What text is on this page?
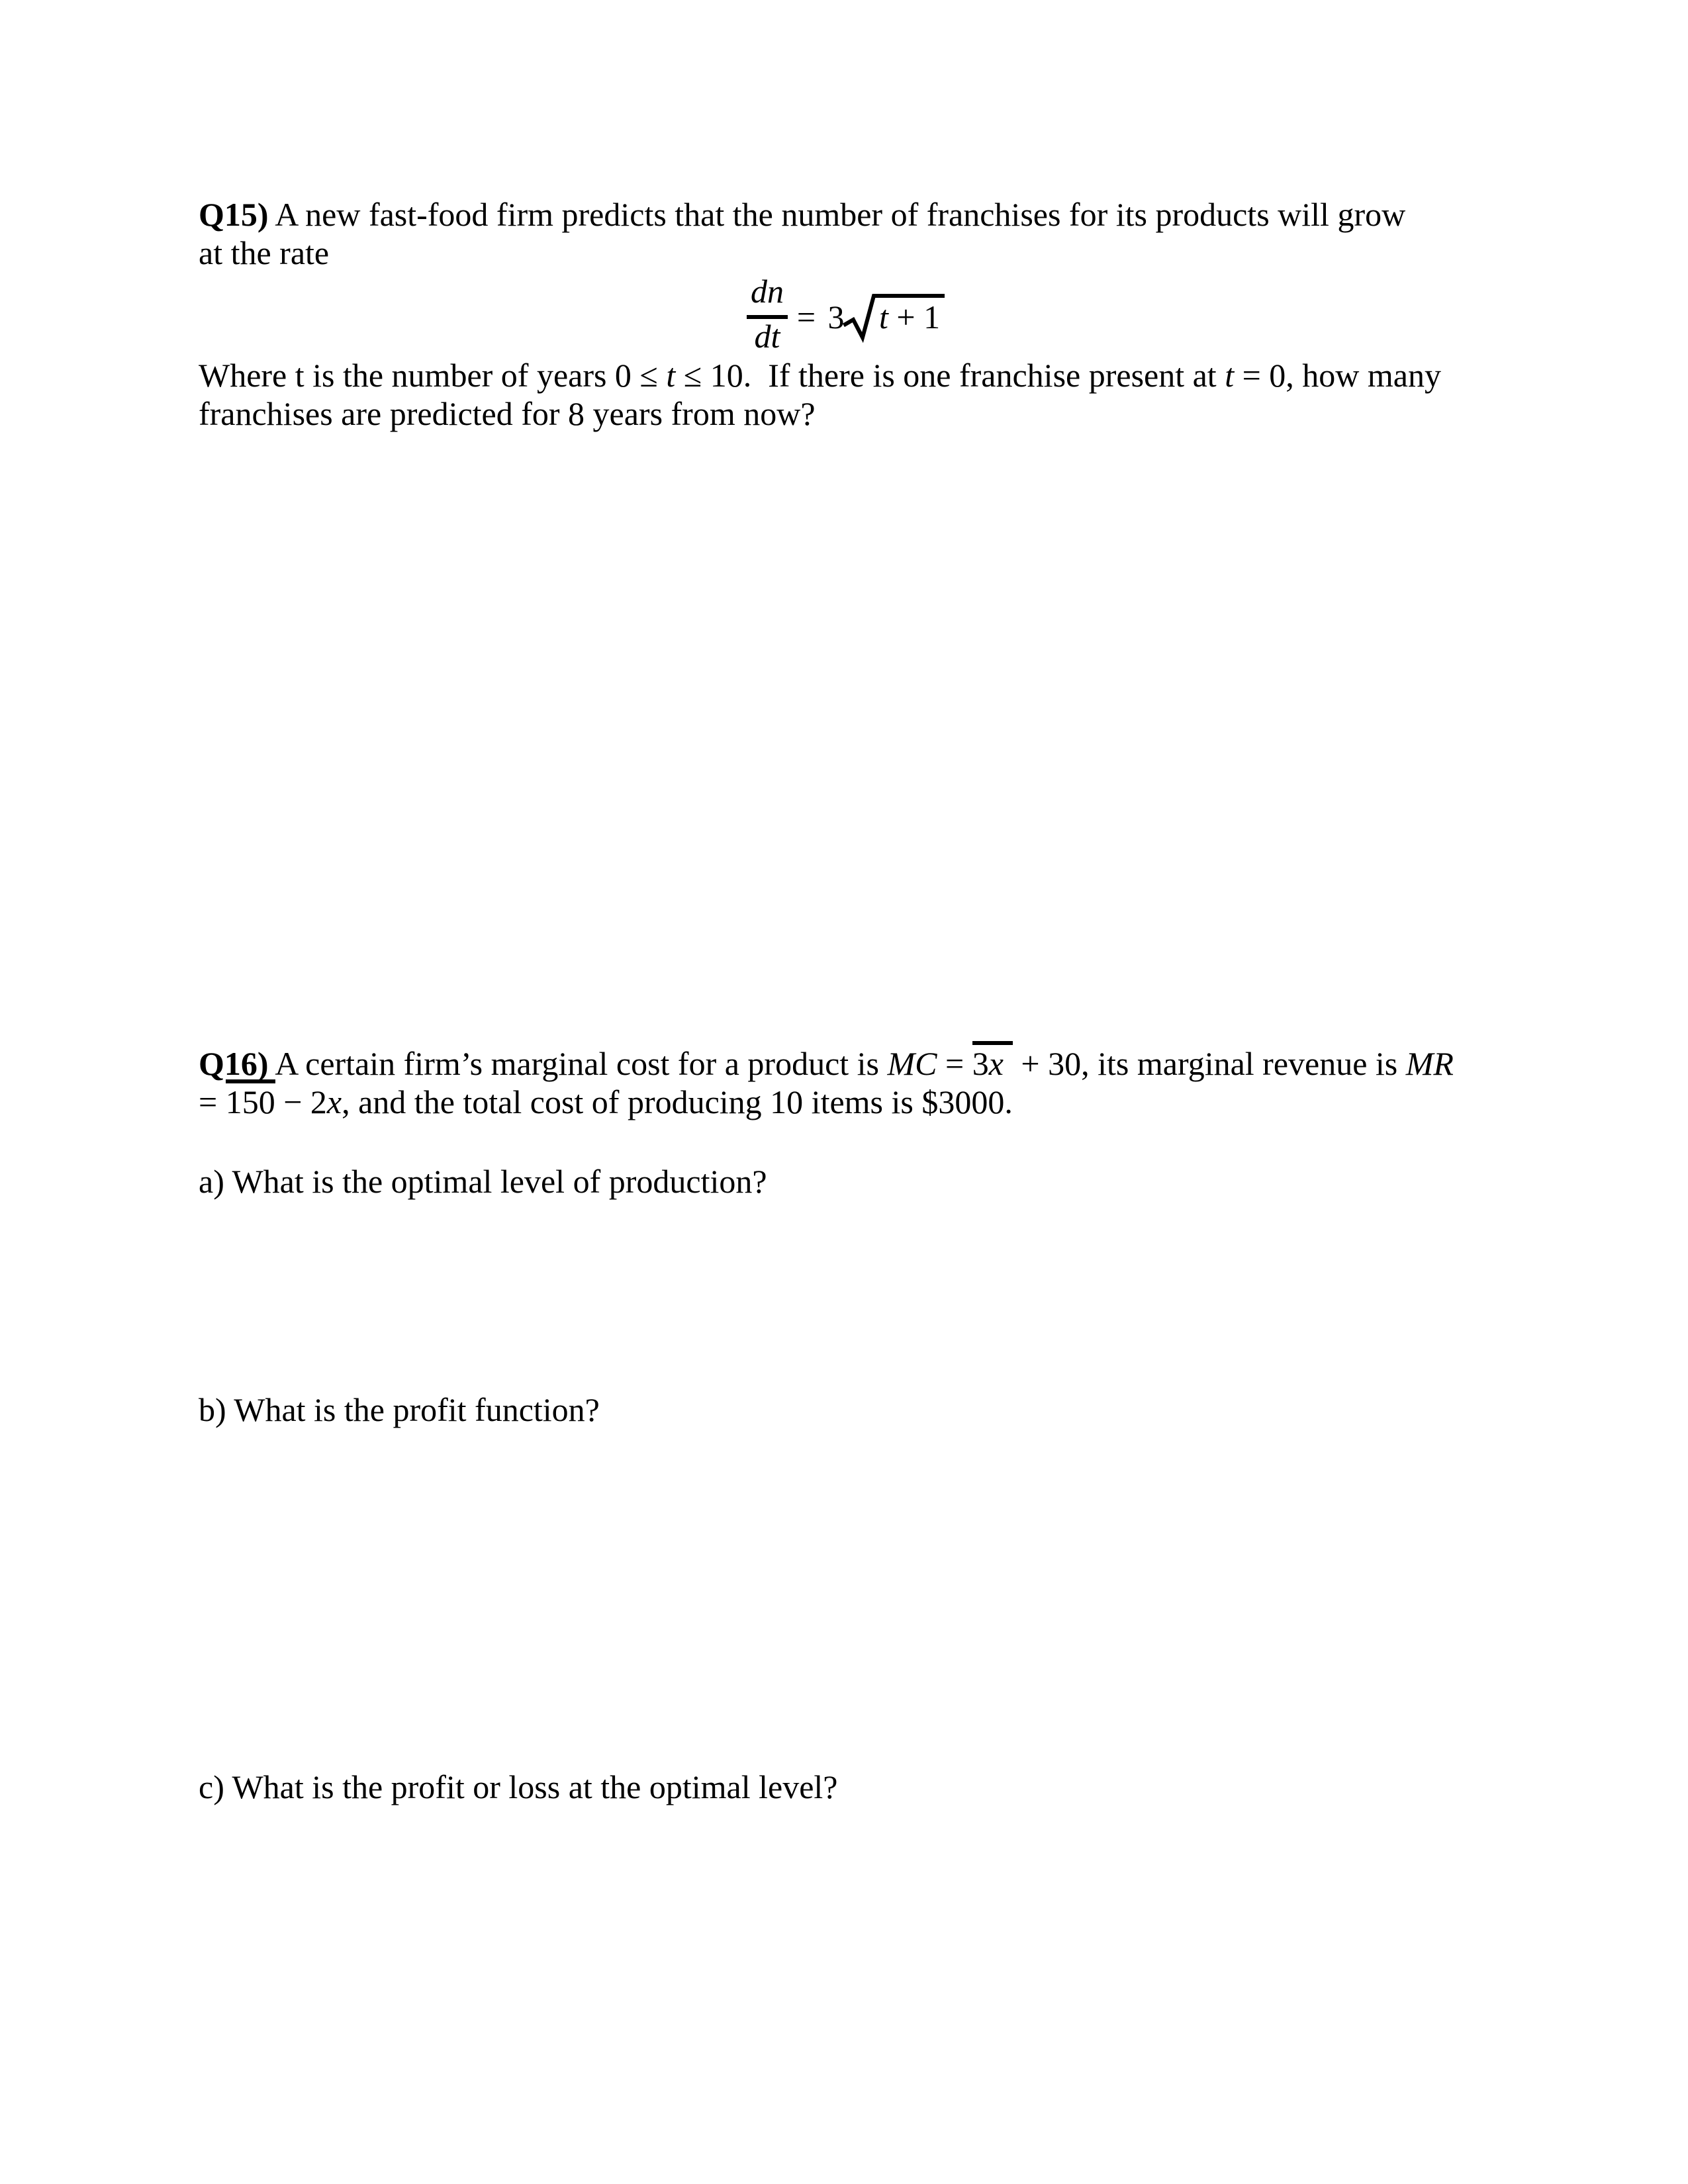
Q15) A new fast-food firm predicts that the number of franchises for its products will grow
at the rate
dn
dt
= 3 t + 1
Where t is the number of years 0 ≤ t ≤ 10.  If there is one franchise present at t = 0, how many
franchises are predicted for 8 years from now?
Q16) A certain firm’s marginal cost for a product is MC = 3x + 30, its marginal revenue is MR
= 150 − 2x, and the total cost of producing 10 items is $3000.
a) What is the optimal level of production?
b) What is the profit function?
c) What is the profit or loss at the optimal level?
